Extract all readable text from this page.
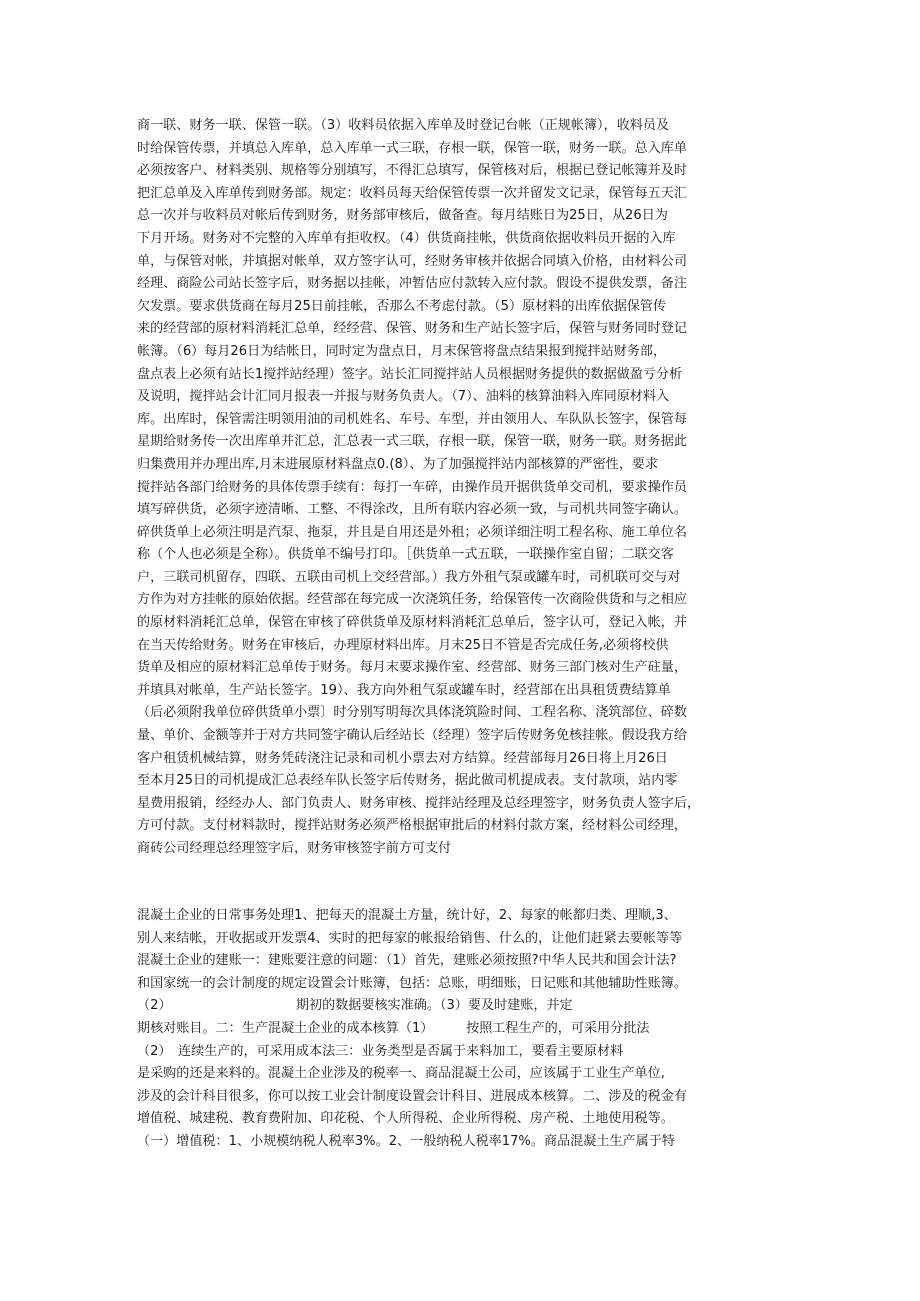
商一联、财务一联、保管一联。（3）收料员依据入库单及时登记台帐（正规帐簿），收料员及
时给保管传票，并填总入库单，总入库单一式三联，存根一联，保管一联，财务一联。总入库单
必须按客户、材料类别、规格等分别填写，不得汇总填写，保管核对后，根据已登记帐簿并及时
把汇总单及入库单传到财务部。规定：收料员每天给保管传票一次并留发文记录，保管每五天汇
总一次并与收料员对帐后传到财务，财务部审核后，做备查。每月结账日为25日，从26日为
下月开场。财务对不完整的入库单有拒收权。（4）供货商挂帐，供货商依据收料员开据的入库
单，与保管对帐，并填据对帐单，双方签字认可，经财务审核并依据合同填入价格，由材料公司
经理、商险公司站长签字后，财务据以挂帐，冲暂估应付款转入应付款。假设不提供发票，备注
欠发票。要求供货商在每月25日前挂帐，否那么不考虑付款。（5）原材料的出库依据保管传
来的经营部的原材料消耗汇总单，经经营、保管、财务和生产站长签字后，保管与财务同时登记
帐簿。（6）每月26日为结帐日，同时定为盘点日，月末保管将盘点结果报到搅拌站财务部，
盘点表上必须有站长1搅拌站经理）签字。站长汇同搅拌站人员根据财务提供的数据做盈亏分析
及说明，搅拌站会计汇同月报表一并报与财务负责人。（7）、油料的核算油料入库同原材料入
库。出库时，保管需注明领用油的司机姓名、车号、车型，并由领用人、车队队长签字，保管每
星期给财务传一次出库单并汇总，汇总表一式三联，存根一联，保管一联，财务一联。财务据此
归集费用并办理出库,月末进展原材料盘点0.(8）、为了加强搅拌站内部核算的严密性，要求
搅拌站各部门给财务的具体传票手续有：每打一车碎，由操作员开据供货单交司机，要求操作员
填写碎供货，必须字迹清晰、工整、不得涂改，且所有联内容必须一致，与司机共同签字确认。
碎供货单上必须注明是汽泵、拖泵，并且是自用还是外租；必须详细注明工程名称、施工单位名
称（个人也必须是全称）。供货单不编号打印。［供货单一式五联，一联操作室自留；二联交客
户，三联司机留存，四联、五联由司机上交经营部。）我方外租气泵或罐车时，司机联可交与对
方作为对方挂帐的原始依据。经营部在每完成一次浇筑任务，给保管传一次商险供货和与之相应
的原材料消耗汇总单，保管在审核了碎供货单及原材料消耗汇总单后，签字认可，登记入帐，并
在当天传给财务。财务在审核后，办理原材料出库。月末25日不管是否完成任务,必须将校供
货单及相应的原材料汇总单传于财务。每月末要求操作室、经营部、财务三部门核对生产砫量，
并填具对帐单，生产站长签字。19）、我方向外租气泵或罐车时，经营部在出具租赁费结算单
（后必须附我单位碎供货单小票〕时分别写明每次具体浇筑险时间、工程名称、浇筑部位、碎数
量、单价、金额等并于对方共同签字确认后经站长（经理）签字后传财务免核挂帐。假设我方给
客户租赁机械结算，财务凭砖浇注记录和司机小票去对方结算。经营部每月26日将上月26日
至本月25日的司机提成汇总表经车队长签字后传财务，据此做司机提成表。支付款项，站内零
星费用报销，经经办人、部门负责人、财务审核、搅拌站经理及总经理签字，财务负责人签字后，
方可付款。支付材料款时，搅拌站财务必须严格根据审批后的材料付款方案，经材料公司经理，
商砖公司经理总经理签字后，财务审核签字前方可支付
混凝土企业的日常事务处理1、把每天的混凝土方量，统计好，2、每家的帐都归类、理顺,3、
别人来结帐，开收据或开发票4、实时的把每家的帐报给销售、什么的，让他们赶紧去要帐等等
混凝土企业的建账一：建账要注意的问题：（1）首先，建账必须按照?中华人民共和国会计法?
和国家统一的会计制度的规定设置会计账簿，包括：总账，明细账，日记账和其他辅助性账簿。
（2）　　　　　　　　　　期初的数据要核实准确。（3）要及时建账，并定
期核对账目。二：生产混凝土企业的成本核算（1）　　　按照工程生产的，可采用分批法
（2）　连续生产的，可采用成本法三：业务类型是否属于来料加工，要看主要原材料
是采购的还是来料的。混凝土企业涉及的税率一、商品混凝土公司，应该属于工业生产单位,
涉及的会计科目很多，你可以按工业会计制度设置会计科目、进展成本核算。二、涉及的税金有
增值税、城建税、教育费附加、印花税、个人所得税、企业所得税、房产税、土地使用税等。
（一）增值税：1、小规模纳税人税率3%。2、一般纳税人税率17%。商品混凝土生产属于特
